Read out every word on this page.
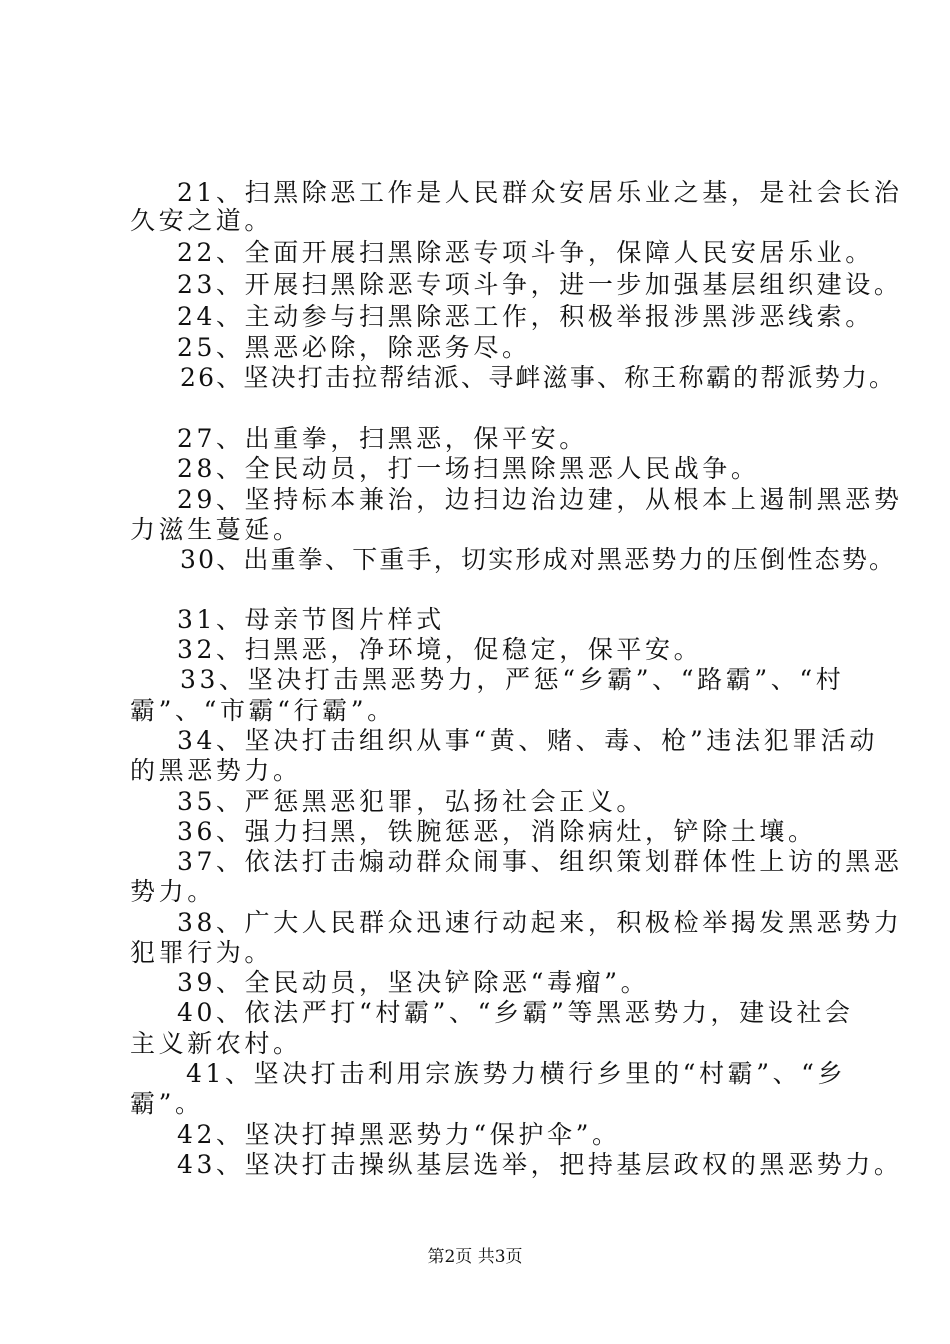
21、扫黑除恶工作是人民群众安居乐业之基，是社会长治
久安之道。
22、全面开展扫黑除恶专项斗争，保障人民安居乐业。
23、开展扫黑除恶专项斗争，进一步加强基层组织建设。
24、主动参与扫黑除恶工作，积极举报涉黑涉恶线索。
25、黑恶必除，除恶务尽。
26、坚决打击拉帮结派、寻衅滋事、称王称霸的帮派势力。
27、出重拳，扫黑恶，保平安。
28、全民动员，打一场扫黑除黑恶人民战争。
29、坚持标本兼治，边扫边治边建，从根本上遏制黑恶势
力滋生蔓延。
30、出重拳、下重手，切实形成对黑恶势力的压倒性态势。
31、母亲节图片样式
32、扫黑恶，净环境，促稳定，保平安。
33、坚决打击黑恶势力，严惩“乡霸”、“路霸”、“村
霸”、“市霸“行霸”。
34、坚决打击组织从事“黄、赌、毒、枪”违法犯罪活动
的黑恶势力。
35、严惩黑恶犯罪，弘扬社会正义。
36、强力扫黑，铁腕惩恶，消除病灶，铲除土壤。
37、依法打击煽动群众闹事、组织策划群体性上访的黑恶
势力。
38、广大人民群众迅速行动起来，积极检举揭发黑恶势力
犯罪行为。
39、全民动员，坚决铲除恶“毒瘤”。
40、依法严打“村霸”、“乡霸”等黑恶势力，建设社会
主义新农村。
41、坚决打击利用宗族势力横行乡里的“村霸”、“乡
霸”。
42、坚决打掉黑恶势力“保护伞”。
43、坚决打击操纵基层选举，把持基层政权的黑恶势力。
第2页 共3页
